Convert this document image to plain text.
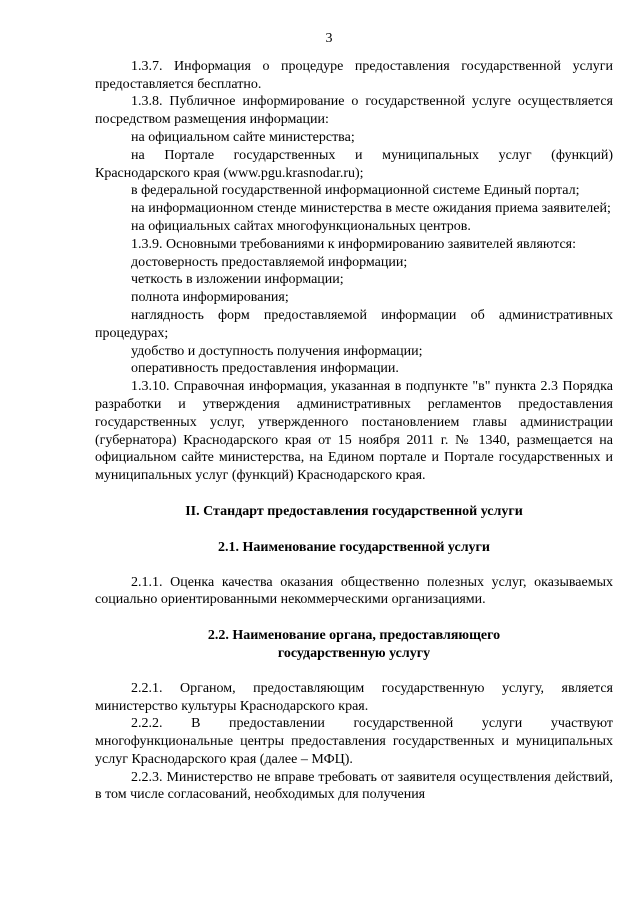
3

1.3.7. Информация о процедуре предоставления государственной услуги предоставляется бесплатно.

1.3.8. Публичное информирование о государственной услуге осуществляется посредством размещения информации:

на официальном сайте министерства;

на Портале государственных и муниципальных услуг (функций) Краснодарского края (www.pgu.krasnodar.ru);

в федеральной государственной информационной системе Единый портал;

на информационном стенде министерства в месте ожидания приема заявителей;

на официальных сайтах многофункциональных центров.

1.3.9. Основными требованиями к информированию заявителей являются:

достоверность предоставляемой информации;

четкость в изложении информации;

полнота информирования;

наглядность форм предоставляемой информации об административных процедурах;

удобство и доступность получения информации;

оперативность предоставления информации.

1.3.10. Справочная информация, указанная в подпункте "в" пункта 2.3 Порядка разработки и утверждения административных регламентов предоставления государственных услуг, утвержденного постановлением главы администрации (губернатора) Краснодарского края от 15 ноября 2011 г. № 1340, размещается на официальном сайте министерства, на Едином портале и Портале государственных и муниципальных услуг (функций) Краснодарского края.

II. Стандарт предоставления государственной услуги

2.1. Наименование государственной услуги

2.1.1. Оценка качества оказания общественно полезных услуг, оказываемых социально ориентированными некоммерческими организациями.

2.2. Наименование органа, предоставляющего
государственную услугу

2.2.1. Органом, предоставляющим государственную услугу, является министерство культуры Краснодарского края.

2.2.2. В предоставлении государственной услуги участвуют многофункциональные центры предоставления государственных и муниципальных услуг Краснодарского края (далее – МФЦ).

2.2.3. Министерство не вправе требовать от заявителя осуществления действий, в том числе согласований, необходимых для получения
